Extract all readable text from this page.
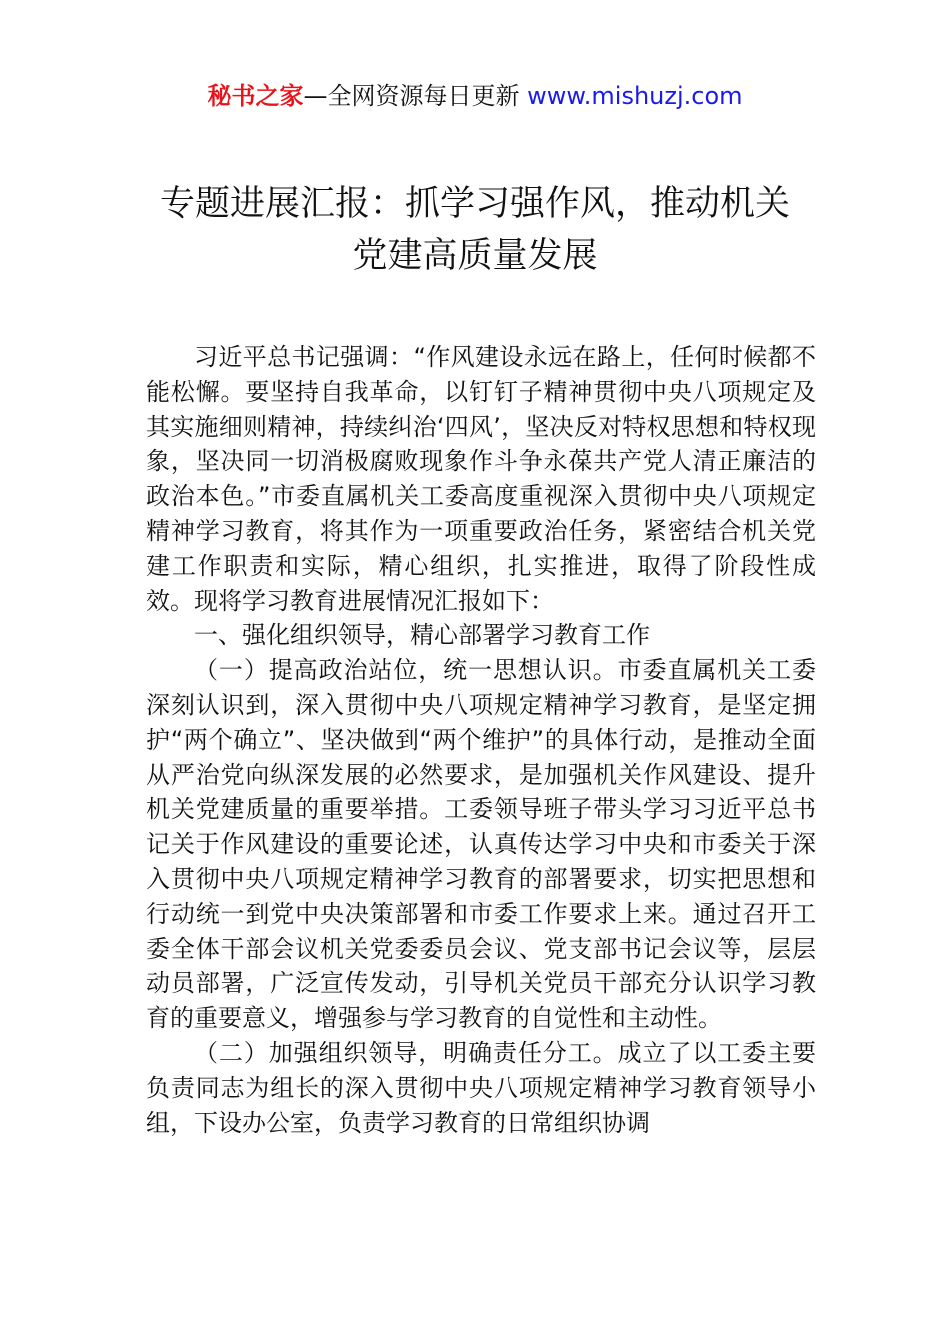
秘书之家—全网资源每日更新 www.mishuzj.com
专题进展汇报：抓学习强作风，推动机关
党建高质量发展

习近平总书记强调：“作风建设永远在路上，任何时候都不能松懈。要坚持自我革命，以钉钉子精神贯彻中央八项规定及其实施细则精神，持续纠治‘四风’，坚决反对特权思想和特权现象，坚决同一切消极腐败现象作斗争永葆共产党人清正廉洁的政治本色。”市委直属机关工委高度重视深入贯彻中央八项规定精神学习教育，将其作为一项重要政治任务，紧密结合机关党建工作职责和实际，精心组织，扎实推进，取得了阶段性成效。现将学习教育进展情况汇报如下：

一、强化组织领导，精心部署学习教育工作

（一）提高政治站位，统一思想认识。市委直属机关工委深刻认识到，深入贯彻中央八项规定精神学习教育，是坚定拥护“两个确立”、坚决做到“两个维护”的具体行动，是推动全面从严治党向纵深发展的必然要求，是加强机关作风建设、提升机关党建质量的重要举措。工委领导班子带头学习习近平总书记关于作风建设的重要论述，认真传达学习中央和市委关于深入贯彻中央八项规定精神学习教育的部署要求，切实把思想和行动统一到党中央决策部署和市委工作要求上来。通过召开工委全体干部会议机关党委委员会议、党支部书记会议等，层层动员部署，广泛宣传发动，引导机关党员干部充分认识学习教育的重要意义，增强参与学习教育的自觉性和主动性。

（二）加强组织领导，明确责任分工。成立了以工委主要负责同志为组长的深入贯彻中央八项规定精神学习教育领导小组，下设办公室，负责学习教育的日常组织协调
